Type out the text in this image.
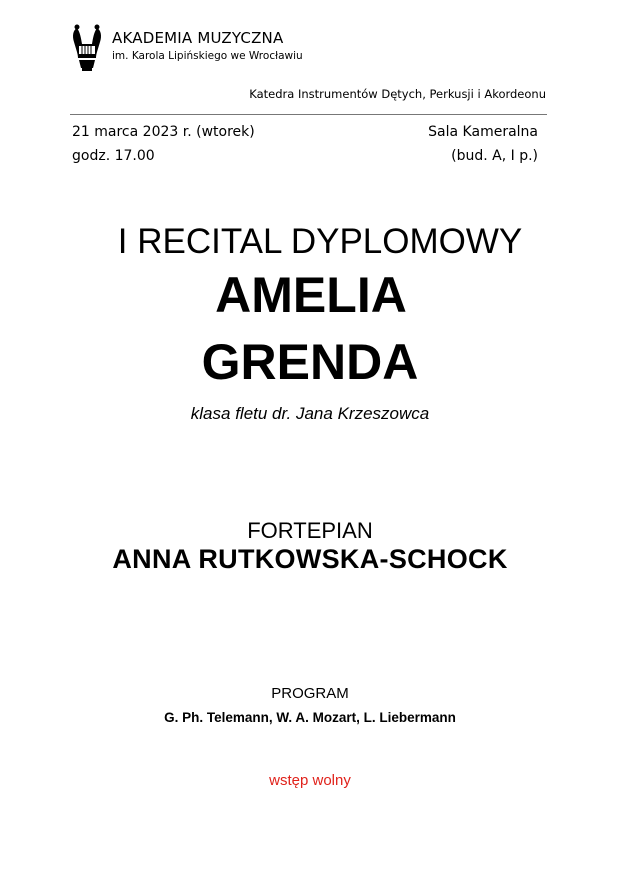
AKADEMIA MUZYCZNA
im. Karola Lipińskiego we Wrocławiu
Katedra Instrumentów Dętych, Perkusji i Akordeonu
21 marca 2023 r. (wtorek)
godz. 17.00
Sala Kameralna
(bud. A, I p.)
I RECITAL DYPLOMOWY
AMELIA
GRENDA
klasa fletu dr. Jana Krzeszowca
FORTEPIAN
ANNA RUTKOWSKA-SCHOCK
PROGRAM
G. Ph. Telemann, W. A. Mozart, L. Liebermann
wstęp wolny
